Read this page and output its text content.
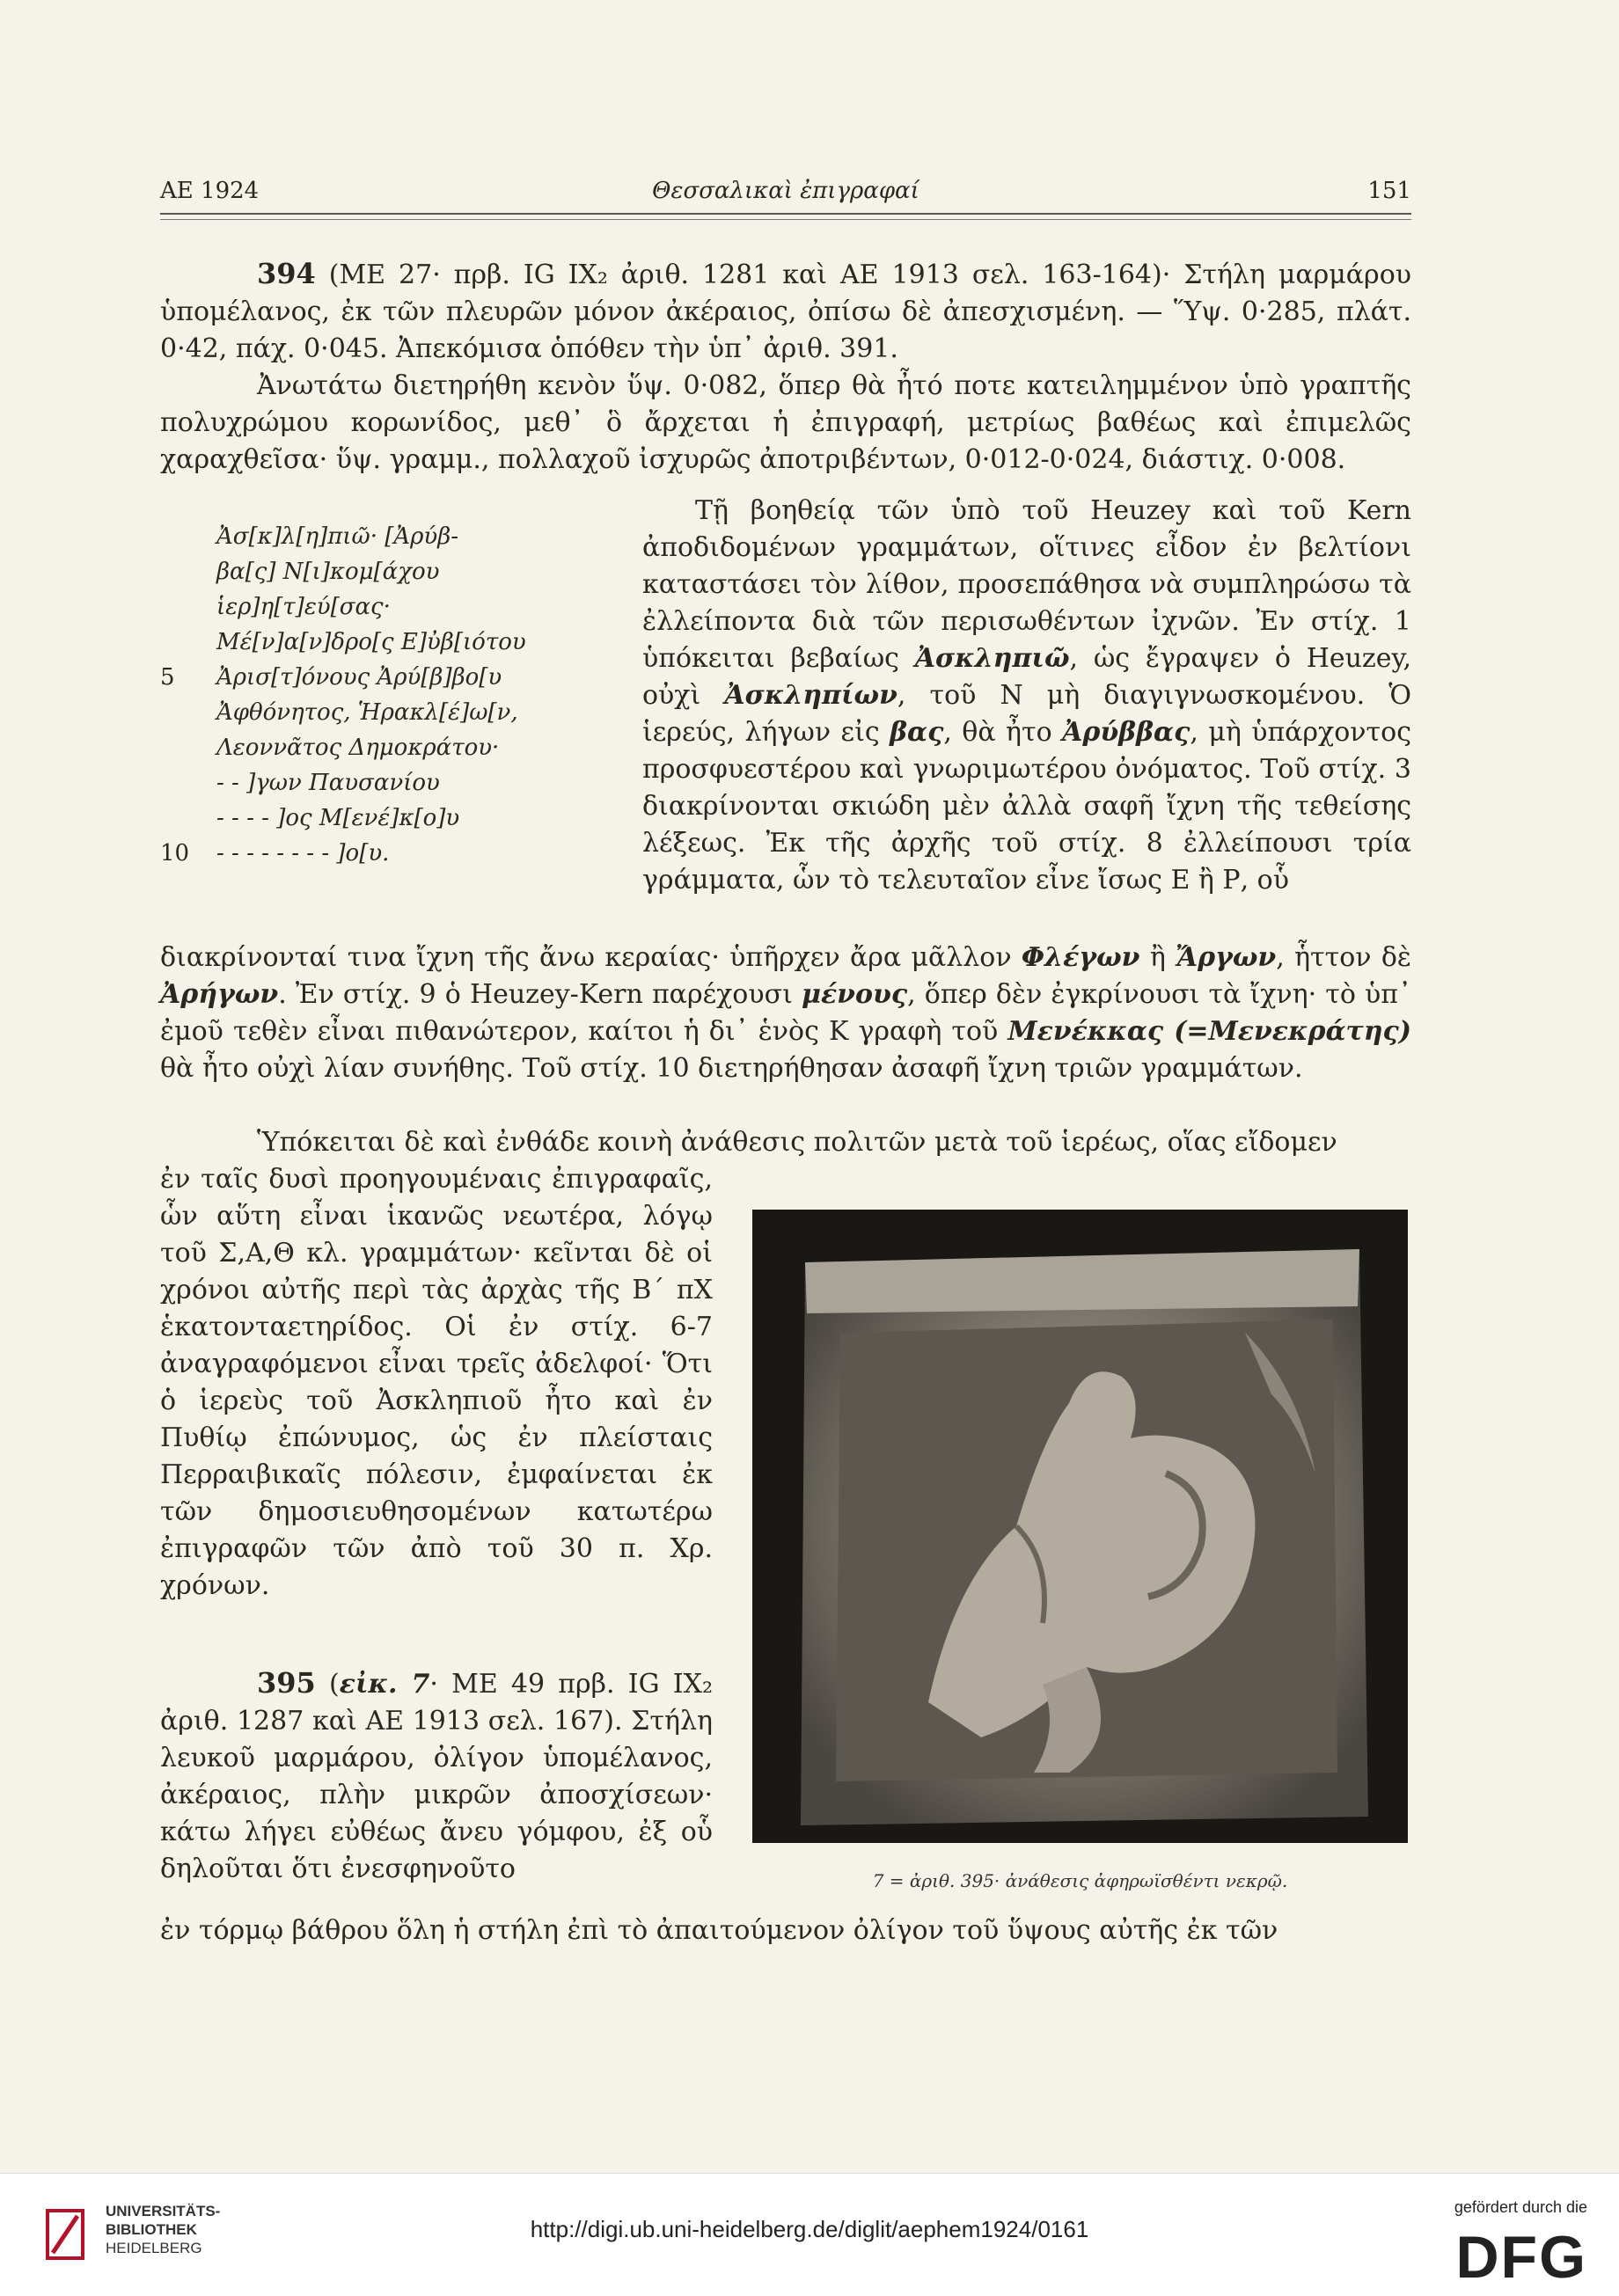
ΑΕ 1924	Θεσσαλικαὶ ἐπιγραφαί	151

394 (ΜΕ 27· πρβ. IG IX₂ ἀριθ. 1281 καὶ ΑΕ 1913 σελ. 163-164)· Στήλη μαρμάρου ὑπομέλανος, ἐκ τῶν πλευρῶν μόνον ἀκέραιος, ὀπίσω δὲ ἀπεσχισμένη. — Ὕψ. 0·285, πλάτ. 0·42, πάχ. 0·045. Ἀπεκόμισα ὁπόθεν τὴν ὑπ᾿ ἀριθ. 391.

Ἀνωτάτω διετηρήθη κενὸν ὕψ. 0·082, ὅπερ θὰ ἦτό ποτε κατειλημμένον ὑπὸ γραπτῆς πολυχρώμου κορωνίδος, μεθ᾿ ὃ ἄρχεται ἡ ἐπιγραφή, μετρίως βαθέως καὶ ἐπιμελῶς χαραχθεῖσα· ὕψ. γραμμ., πολλαχοῦ ἰσχυρῶς ἀποτριβέντων, 0·012-0·024, διάστιχ. 0·008.

Ἀσ[κ]λ[η]πιῶ· [Ἀρύβ-
βα[ς] Ν[ι]κομ[άχου
ἱερ]η[τ]εύ[σας·
Μέ[ν]α[ν]δρο[ς Ε]ὐβ[ιότου
5 Ἀρισ[τ]όνους Ἀρύ[β]βο[υ
Ἀφθόνητος, Ἡρακλ[έ]ω[ν,
Λεοννᾶτος Δημοκράτου·
- - ]γων Παυσανίου
- - - - ]ος Μ[ενέ]κ[ο]υ
10 - - - - - - - - ]ο[υ.

Τῇ βοηθείᾳ τῶν ὑπὸ τοῦ Heuzey καὶ τοῦ Kern ἀποδιδομένων γραμμάτων, οἵτινες εἶδον ἐν βελτίονι καταστάσει τὸν λίθον, προσεπάθησα νὰ συμπληρώσω τὰ ἐλλείποντα διὰ τῶν περισωθέντων ἰχνῶν. Ἐν στίχ. 1 ὑπόκειται βεβαίως Ἀσκληπιῶ, ὡς ἔγραψεν ὁ Heuzey, οὐχὶ Ἀσκληπίων, τοῦ Ν μὴ διαγιγνωσκομένου. Ὁ ἱερεύς, λήγων εἰς βας, θὰ ἦτο Ἀρύββας, μὴ ὑπάρχοντος προσφυεστέρου καὶ γνωριμωτέρου ὀνόματος. Τοῦ στίχ. 3 διακρίνονται σκιώδη μὲν ἀλλὰ σαφῆ ἴχνη τῆς τεθείσης λέξεως. Ἐκ τῆς ἀρχῆς τοῦ στίχ. 8 ἐλλείπουσι τρία γράμματα, ὧν τὸ τελευταῖον εἶνε ἴσως Ε ἢ Ρ, οὗ

διακρίνονταί τινα ἴχνη τῆς ἄνω κεραίας· ὑπῆρχεν ἄρα μᾶλλον Φλέγων ἢ Ἄργων, ἧττον δὲ Ἀρήγων. Ἐν στίχ. 9 ὁ Heuzey-Kern παρέχουσι μένους, ὅπερ δὲν ἐγκρίνουσι τὰ ἴχνη· τὸ ὑπ᾿ ἐμοῦ τεθὲν εἶναι πιθανώτερον, καίτοι ἡ δι᾿ ἑνὸς Κ γραφὴ τοῦ Μενέκκας (=Μενεκράτης) θὰ ἦτο οὐχὶ λίαν συνήθης. Τοῦ στίχ. 10 διετηρήθησαν ἀσαφῆ ἴχνη τριῶν γραμμάτων.

Ὑπόκειται δὲ καὶ ἐνθάδε κοινὴ ἀνάθεσις πολιτῶν μετὰ τοῦ ἱερέως, οἵας εἴδομεν

ἐν ταῖς δυσὶ προηγουμέναις ἐπιγραφαῖς, ὧν αὕτη εἶναι ἱκανῶς νεωτέρα, λόγῳ τοῦ Σ,Α,Θ κλ. γραμμάτων· κεῖνται δὲ οἱ χρόνοι αὐτῆς περὶ τὰς ἀρχὰς τῆς Β΄ πΧ ἑκατονταετηρίδος. Οἱ ἐν στίχ. 6-7 ἀναγραφόμενοι εἶναι τρεῖς ἀδελφοί· Ὅτι ὁ ἱερεὺς τοῦ Ἀσκληπιοῦ ἦτο καὶ ἐν Πυθίῳ ἐπώνυμος, ὡς ἐν πλείσταις Περραιβικαῖς πόλεσιν, ἐμφαίνεται ἐκ τῶν δημοσιευθησομένων κατωτέρω ἐπιγραφῶν τῶν ἀπὸ τοῦ 30 π. Χρ. χρόνων.

395 (εἰκ. 7· ΜΕ 49 πρβ. IG IX₂ ἀριθ. 1287 καὶ ΑΕ 1913 σελ. 167). Στήλη λευκοῦ μαρμάρου, ὀλίγον ὑπομέλανος, ἀκέραιος, πλὴν μικρῶν ἀποσχίσεων· κάτω λήγει εὐθέως ἄνευ γόμφου, ἐξ οὗ δηλοῦται ὅτι ἐνεσφηνοῦτο

ἐν τόρμῳ βάθρου ὅλη ἡ στήλη ἐπὶ τὸ ἀπαιτούμενον ὀλίγον τοῦ ὕψους αὐτῆς ἐκ τῶν

7 = ἀριθ. 395· ἀνάθεσις ἀφηρωϊσθέντι νεκρῷ.
UNIVERSITÄTS-
BIBLIOTHEK
HEIDELBERG
http://digi.ub.uni-heidelberg.de/diglit/aephem1924/0161
gefördert durch die
DFG
